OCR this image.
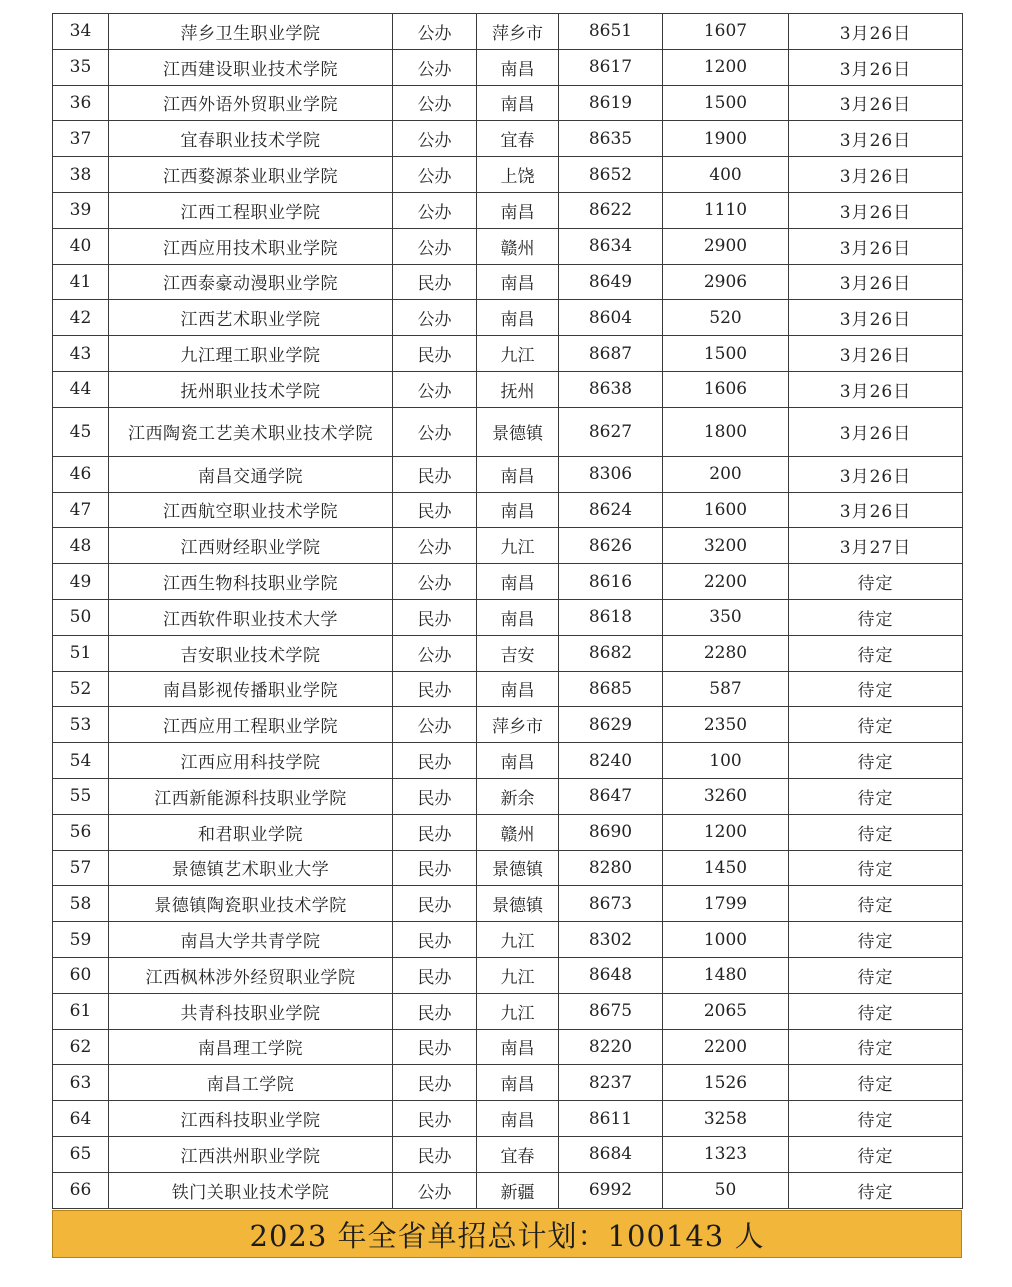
34	萍乡卫生职业学院	公办	萍乡市	8651	1607	3月26日
35	江西建设职业技术学院	公办	南昌	8617	1200	3月26日
36	江西外语外贸职业学院	公办	南昌	8619	1500	3月26日
37	宜春职业技术学院	公办	宜春	8635	1900	3月26日
38	江西婺源茶业职业学院	公办	上饶	8652	400	3月26日
39	江西工程职业学院	公办	南昌	8622	1110	3月26日
40	江西应用技术职业学院	公办	赣州	8634	2900	3月26日
41	江西泰豪动漫职业学院	民办	南昌	8649	2906	3月26日
42	江西艺术职业学院	公办	南昌	8604	520	3月26日
43	九江理工职业学院	民办	九江	8687	1500	3月26日
44	抚州职业技术学院	公办	抚州	8638	1606	3月26日
45	江西陶瓷工艺美术职业技术学院	公办	景德镇	8627	1800	3月26日
46	南昌交通学院	民办	南昌	8306	200	3月26日
47	江西航空职业技术学院	民办	南昌	8624	1600	3月26日
48	江西财经职业学院	公办	九江	8626	3200	3月27日
49	江西生物科技职业学院	公办	南昌	8616	2200	待定
50	江西软件职业技术大学	民办	南昌	8618	350	待定
51	吉安职业技术学院	公办	吉安	8682	2280	待定
52	南昌影视传播职业学院	民办	南昌	8685	587	待定
53	江西应用工程职业学院	公办	萍乡市	8629	2350	待定
54	江西应用科技学院	民办	南昌	8240	100	待定
55	江西新能源科技职业学院	民办	新余	8647	3260	待定
56	和君职业学院	民办	赣州	8690	1200	待定
57	景德镇艺术职业大学	民办	景德镇	8280	1450	待定
58	景德镇陶瓷职业技术学院	民办	景德镇	8673	1799	待定
59	南昌大学共青学院	民办	九江	8302	1000	待定
60	江西枫林涉外经贸职业学院	民办	九江	8648	1480	待定
61	共青科技职业学院	民办	九江	8675	2065	待定
62	南昌理工学院	民办	南昌	8220	2200	待定
63	南昌工学院	民办	南昌	8237	1526	待定
64	江西科技职业学院	民办	南昌	8611	3258	待定
65	江西洪州职业学院	民办	宜春	8684	1323	待定
66	铁门关职业技术学院	公办	新疆	6992	50	待定
2023 年全省单招总计划：100143 人
